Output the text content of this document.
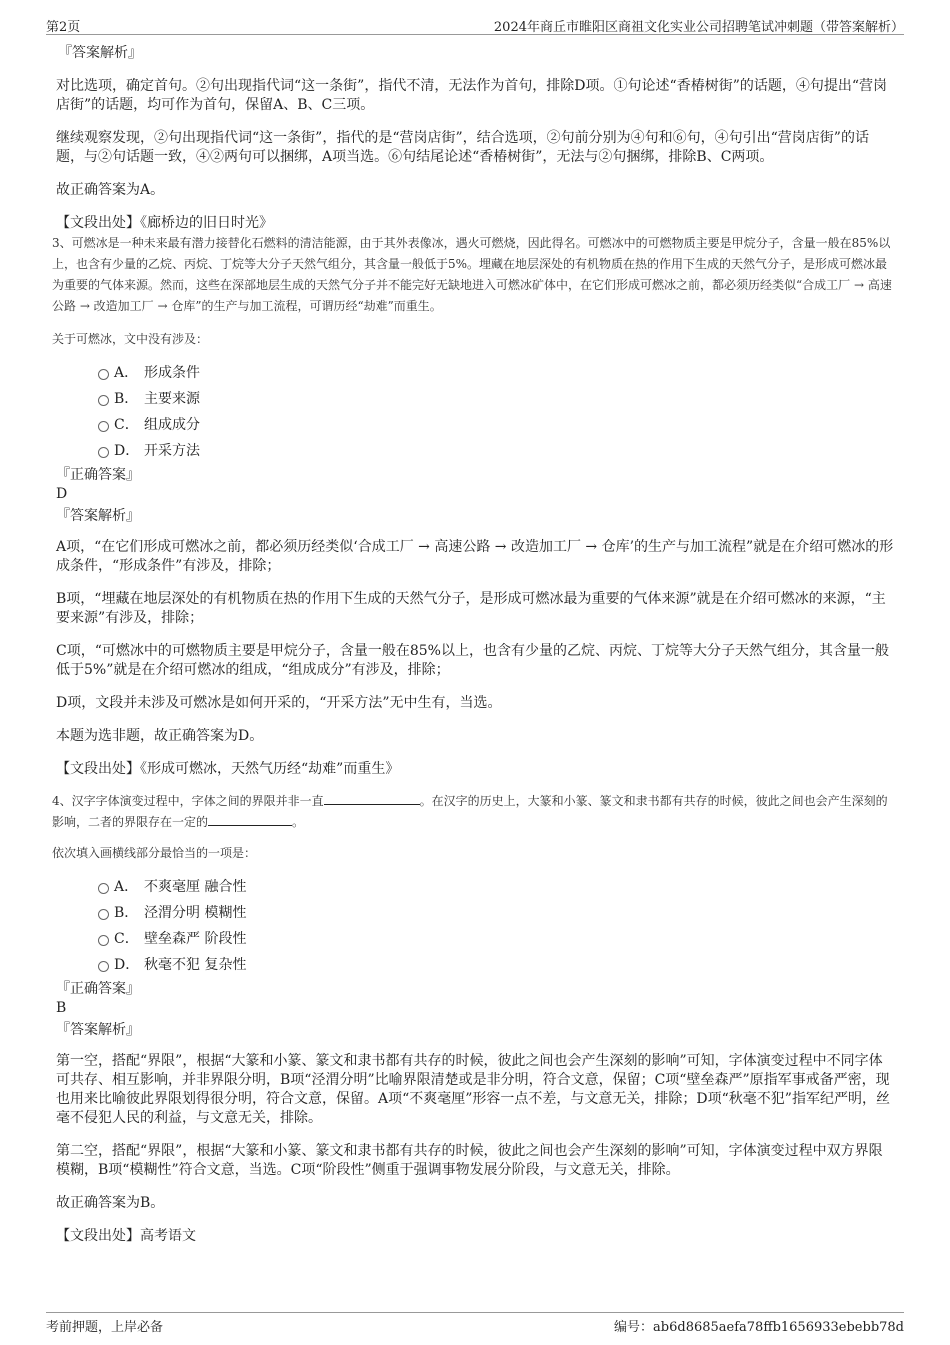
第2页	2024年商丘市睢阳区商祖文化实业公司招聘笔试冲刺题（带答案解析）

『答案解析』

对比选项，确定首句。②句出现指代词“这一条街”，指代不清，无法作为首句，排除D项。①句论述“香椿树街”的话题，④句提出“营岗店街”的话题，均可作为首句，保留A、B、C三项。

继续观察发现，②句出现指代词“这一条街”，指代的是“营岗店街”，结合选项，②句前分别为④句和⑥句，④句引出“营岗店街”的话题，与②句话题一致，④②两句可以捆绑，A项当选。⑥句结尾论述“香椿树街”，无法与②句捆绑，排除B、C两项。

故正确答案为A。

【文段出处】《廊桥边的旧日时光》

3、可燃冰是一种未来最有潜力接替化石燃料的清洁能源，由于其外表像冰，遇火可燃烧，因此得名。可燃冰中的可燃物质主要是甲烷分子，含量一般在85%以上，也含有少量的乙烷、丙烷、丁烷等大分子天然气组分，其含量一般低于5%。埋藏在地层深处的有机物质在热的作用下生成的天然气分子，是形成可燃冰最为重要的气体来源。然而，这些在深部地层生成的天然气分子并不能完好无缺地进入可燃冰矿体中，在它们形成可燃冰之前，都必须历经类似“合成工厂 → 高速公路 → 改造加工厂 → 仓库”的生产与加工流程，可谓历经“劫难”而重生。

关于可燃冰，文中没有涉及：

A． 形成条件
B． 主要来源
C． 组成成分
D． 开采方法

『正确答案』

D

『答案解析』

A项，“在它们形成可燃冰之前，都必须历经类似‘合成工厂 → 高速公路 → 改造加工厂 → 仓库’的生产与加工流程”就是在介绍可燃冰的形成条件，“形成条件”有涉及，排除；

B项，“埋藏在地层深处的有机物质在热的作用下生成的天然气分子，是形成可燃冰最为重要的气体来源”就是在介绍可燃冰的来源，“主要来源”有涉及，排除；

C项，“可燃冰中的可燃物质主要是甲烷分子，含量一般在85%以上，也含有少量的乙烷、丙烷、丁烷等大分子天然气组分，其含量一般低于5%”就是在介绍可燃冰的组成，“组成成分”有涉及，排除；

D项，文段并未涉及可燃冰是如何开采的，“开采方法”无中生有，当选。

本题为选非题，故正确答案为D。

【文段出处】《形成可燃冰，天然气历经“劫难”而重生》

4、汉字字体演变过程中，字体之间的界限并非一直	。在汉字的历史上，大篆和小篆、篆文和隶书都有共存的时候，彼此之间也会产生深刻的影响，二者的界限存在一定的	。

依次填入画横线部分最恰当的一项是：

A． 不爽毫厘 融合性
B． 泾渭分明 模糊性
C． 壁垒森严 阶段性
D． 秋毫不犯 复杂性

『正确答案』

B

『答案解析』

第一空，搭配“界限”，根据“大篆和小篆、篆文和隶书都有共存的时候，彼此之间也会产生深刻的影响”可知，字体演变过程中不同字体可共存、相互影响，并非界限分明，B项“泾渭分明”比喻界限清楚或是非分明，符合文意，保留；C项“壁垒森严”原指军事戒备严密，现也用来比喻彼此界限划得很分明，符合文意，保留。A项“不爽毫厘”形容一点不差，与文意无关，排除；D项“秋毫不犯”指军纪严明，丝毫不侵犯人民的利益，与文意无关，排除。

第二空，搭配“界限”，根据“大篆和小篆、篆文和隶书都有共存的时候，彼此之间也会产生深刻的影响”可知，字体演变过程中双方界限模糊，B项“模糊性”符合文意，当选。C项“阶段性”侧重于强调事物发展分阶段，与文意无关，排除。

故正确答案为B。

【文段出处】高考语文

考前押题，上岸必备	编号：ab6d8685aefa78ffb1656933ebebb78d
